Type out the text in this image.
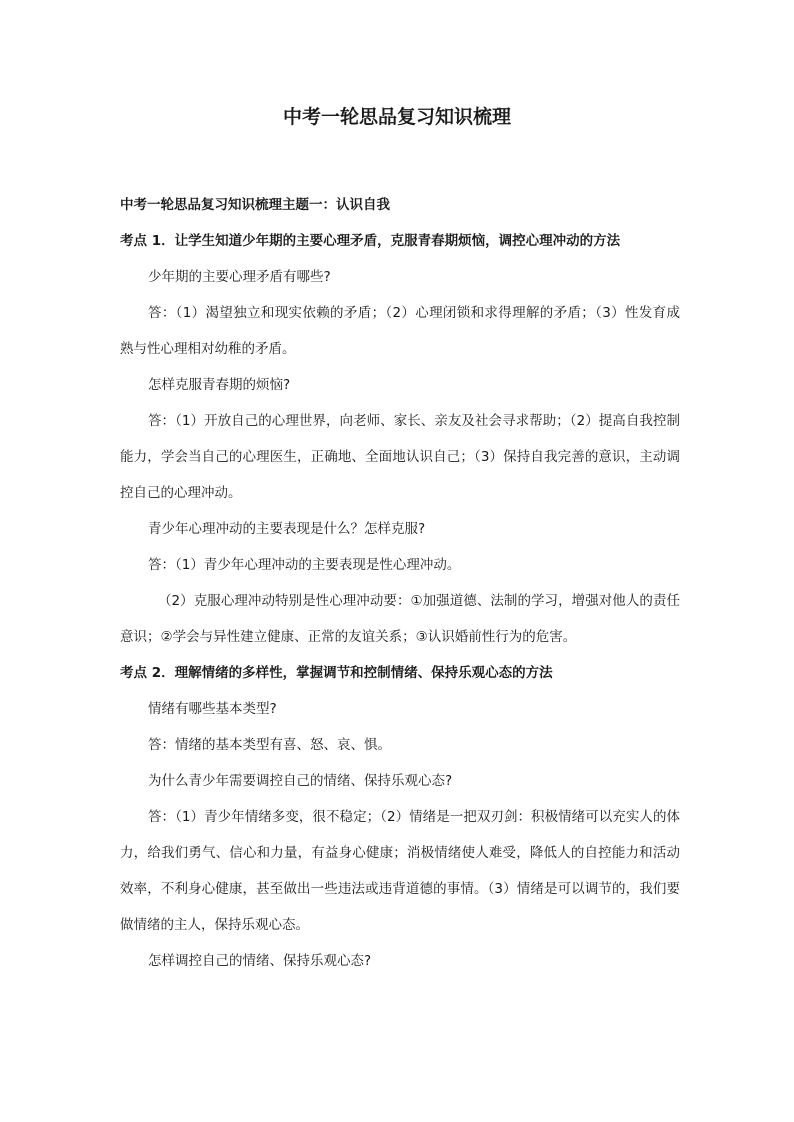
中考一轮思品复习知识梳理

中考一轮思品复习知识梳理主题一：认识自我

考点 1．让学生知道少年期的主要心理矛盾，克服青春期烦恼，调控心理冲动的方法

少年期的主要心理矛盾有哪些?

答：（1）渴望独立和现实依赖的矛盾；（2）心理闭锁和求得理解的矛盾；（3）性发育成熟与性心理相对幼稚的矛盾。

怎样克服青春期的烦恼?

答：（1）开放自己的心理世界，向老师、家长、亲友及社会寻求帮助；（2）提高自我控制能力，学会当自己的心理医生，正确地、全面地认识自己；（3）保持自我完善的意识，主动调控自己的心理冲动。

青少年心理冲动的主要表现是什么？怎样克服?

答：（1）青少年心理冲动的主要表现是性心理冲动。

（2）克服心理冲动特别是性心理冲动要：①加强道德、法制的学习，增强对他人的责任意识；②学会与异性建立健康、正常的友谊关系；③认识婚前性行为的危害。

考点 2．理解情绪的多样性，掌握调节和控制情绪、保持乐观心态的方法

情绪有哪些基本类型?

答：情绪的基本类型有喜、怒、哀、惧。

为什么青少年需要调控自己的情绪、保持乐观心态?

答：（1）青少年情绪多变，很不稳定；（2）情绪是一把双刃剑：积极情绪可以充实人的体力，给我们勇气、信心和力量，有益身心健康；消极情绪使人难受，降低人的自控能力和活动效率，不利身心健康，甚至做出一些违法或违背道德的事情。（3）情绪是可以调节的，我们要做情绪的主人，保持乐观心态。

怎样调控自己的情绪、保持乐观心态?
